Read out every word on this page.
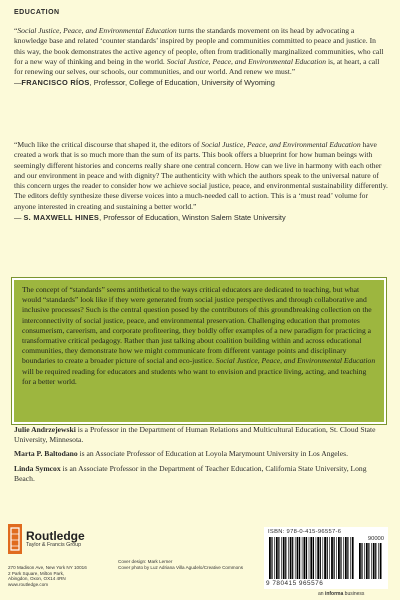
EDUCATION
“Social Justice, Peace, and Environmental Education turns the standards movement on its head by advocating a knowledge base and related ‘counter standards’ inspired by people and communities committed to peace and justice. In this way, the book demonstrates the active agency of people, often from traditionally marginalized communities, who call for a new way of thinking and being in the world. Social Justice, Peace, and Environmental Education is, at heart, a call for renewing our selves, our schools, our communities, and our world. And renew we must.”
—FRANCISCO RÍOS, Professor, College of Education, University of Wyoming
“Much like the critical discourse that shaped it, the editors of Social Justice, Peace, and Environmental Education have created a work that is so much more than the sum of its parts. This book offers a blueprint for how human beings with seemingly different histories and concerns really share one central concern. How can we live in harmony with each other and our environment in peace and with dignity? The authenticity with which the authors speak to the universal nature of this concern urges the reader to consider how we achieve social justice, peace, and environmental sustainability differently. The editors deftly synthesize these diverse voices into a much-needed call to action. This is a ‘must read’ volume for anyone interested in creating and sustaining a better world.”
— S. MAXWELL HINES, Professor of Education, Winston Salem State University
The concept of “standards” seems antithetical to the ways critical educators are dedicated to teaching, but what would “standards” look like if they were generated from social justice perspectives and through collaborative and inclusive processes? Such is the central question posed by the contributors of this groundbreaking collection on the interconnectivity of social justice, peace, and environmental preservation. Challenging education that promotes consumerism, careerism, and corporate profiteering, they boldly offer examples of a new paradigm for practicing a transformative critical pedagogy. Rather than just talking about coalition building within and across educational communities, they demonstrate how we might communicate from different vantage points and disciplinary boundaries to create a broader picture of social and eco-justice. Social Justice, Peace, and Environmental Education will be required reading for educators and students who want to envision and practice living, acting, and teaching for a better world.
Julie Andrzejewski is a Professor in the Department of Human Relations and Multicultural Education, St. Cloud State University, Minnesota.
Marta P. Baltodano is an Associate Professor of Education at Loyola Marymount University in Los Angeles.
Linda Symcox is an Associate Professor in the Department of Teacher Education, California State University, Long Beach.
Routledge
Taylor & Francis Group
270 Madison Ave, New York NY 10016
2 Park Square, Milton Park,
Abingdon, Oxon, OX14 4RN
www.routledge.com
Cover design: Mark Lerner
Cover photo by Luz Adriana Villa Agudelo/Creative Commons
ISBN: 978-0-415-96557-6
90000
9 780415 965576
an informa business
